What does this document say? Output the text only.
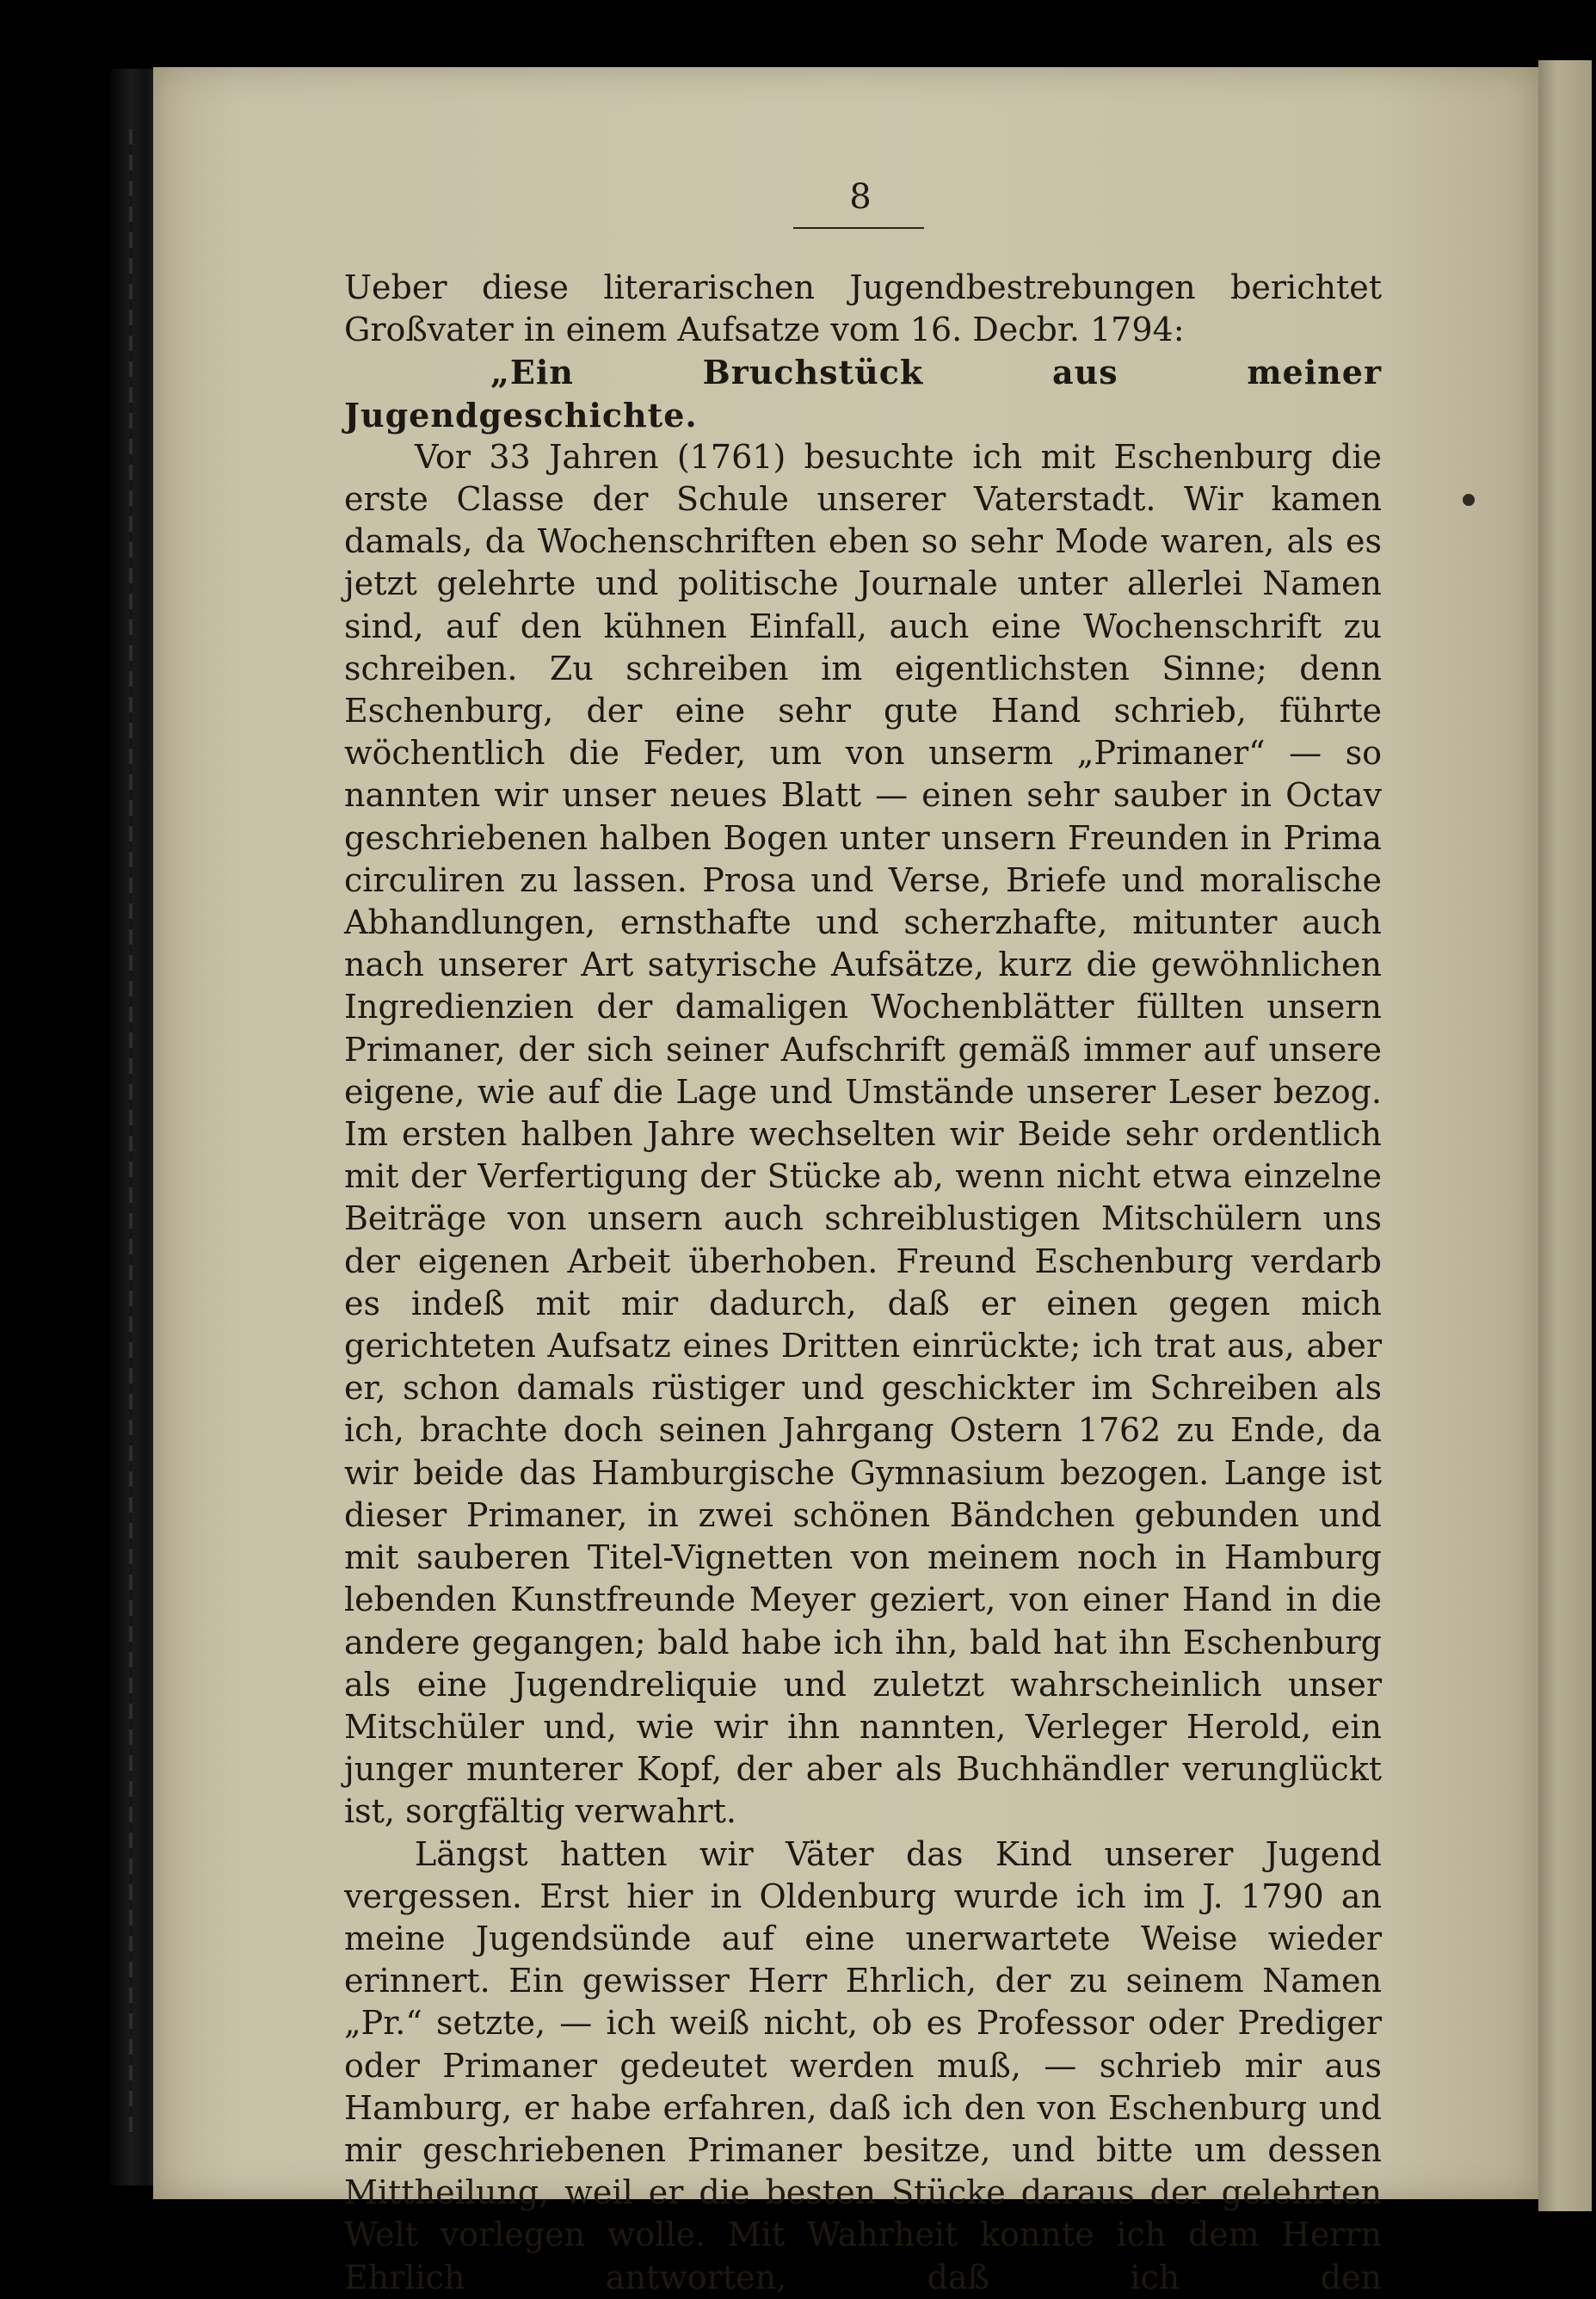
8

Ueber diese literarischen Jugendbestrebungen berichtet Großvater in einem Aufsatze vom 16. Decbr. 1794:

„Ein Bruchstück aus meiner Jugendgeschichte.

Vor 33 Jahren (1761) besuchte ich mit Eschenburg die erste Classe der Schule unserer Vaterstadt. Wir kamen damals, da Wochenschriften eben so sehr Mode waren, als es jetzt gelehrte und politische Journale unter allerlei Namen sind, auf den kühnen Einfall, auch eine Wochenschrift zu schreiben. Zu schreiben im eigentlichsten Sinne; denn Eschenburg, der eine sehr gute Hand schrieb, führte wöchentlich die Feder, um von unserm „Primaner“ — so nannten wir unser neues Blatt — einen sehr sauber in Octav geschriebenen halben Bogen unter unsern Freunden in Prima circuliren zu lassen. Prosa und Verse, Briefe und moralische Abhandlungen, ernsthafte und scherzhafte, mitunter auch nach unserer Art satyrische Aufsätze, kurz die gewöhnlichen Ingredienzien der damaligen Wochenblätter füllten unsern Primaner, der sich seiner Aufschrift gemäß immer auf unsere eigene, wie auf die Lage und Umstände unserer Leser bezog. Im ersten halben Jahre wechselten wir Beide sehr ordentlich mit der Verfertigung der Stücke ab, wenn nicht etwa einzelne Beiträge von unsern auch schreiblustigen Mitschülern uns der eigenen Arbeit überhoben. Freund Eschenburg verdarb es indeß mit mir dadurch, daß er einen gegen mich gerichteten Aufsatz eines Dritten einrückte; ich trat aus, aber er, schon damals rüstiger und geschickter im Schreiben als ich, brachte doch seinen Jahrgang Ostern 1762 zu Ende, da wir beide das Hamburgische Gymnasium bezogen. Lange ist dieser Primaner, in zwei schönen Bändchen gebunden und mit sauberen Titel-Vignetten von meinem noch in Hamburg lebenden Kunstfreunde Meyer geziert, von einer Hand in die andere gegangen; bald habe ich ihn, bald hat ihn Eschenburg als eine Jugendreliquie und zuletzt wahrscheinlich unser Mitschüler und, wie wir ihn nannten, Verleger Herold, ein junger munterer Kopf, der aber als Buchhändler verunglückt ist, sorgfältig verwahrt.

Längst hatten wir Väter das Kind unserer Jugend vergessen. Erst hier in Oldenburg wurde ich im J. 1790 an meine Jugendsünde auf eine unerwartete Weise wieder erinnert. Ein gewisser Herr Ehrlich, der zu seinem Namen „Pr.“ setzte, — ich weiß nicht, ob es Professor oder Prediger oder Primaner gedeutet werden muß, — schrieb mir aus Hamburg, er habe erfahren, daß ich den von Eschenburg und mir geschriebenen Primaner besitze, und bitte um dessen Mittheilung, weil er die besten Stücke daraus der gelehrten Welt vorlegen wolle. Mit Wahrheit konnte ich dem Herrn Ehrlich antworten, daß ich den
